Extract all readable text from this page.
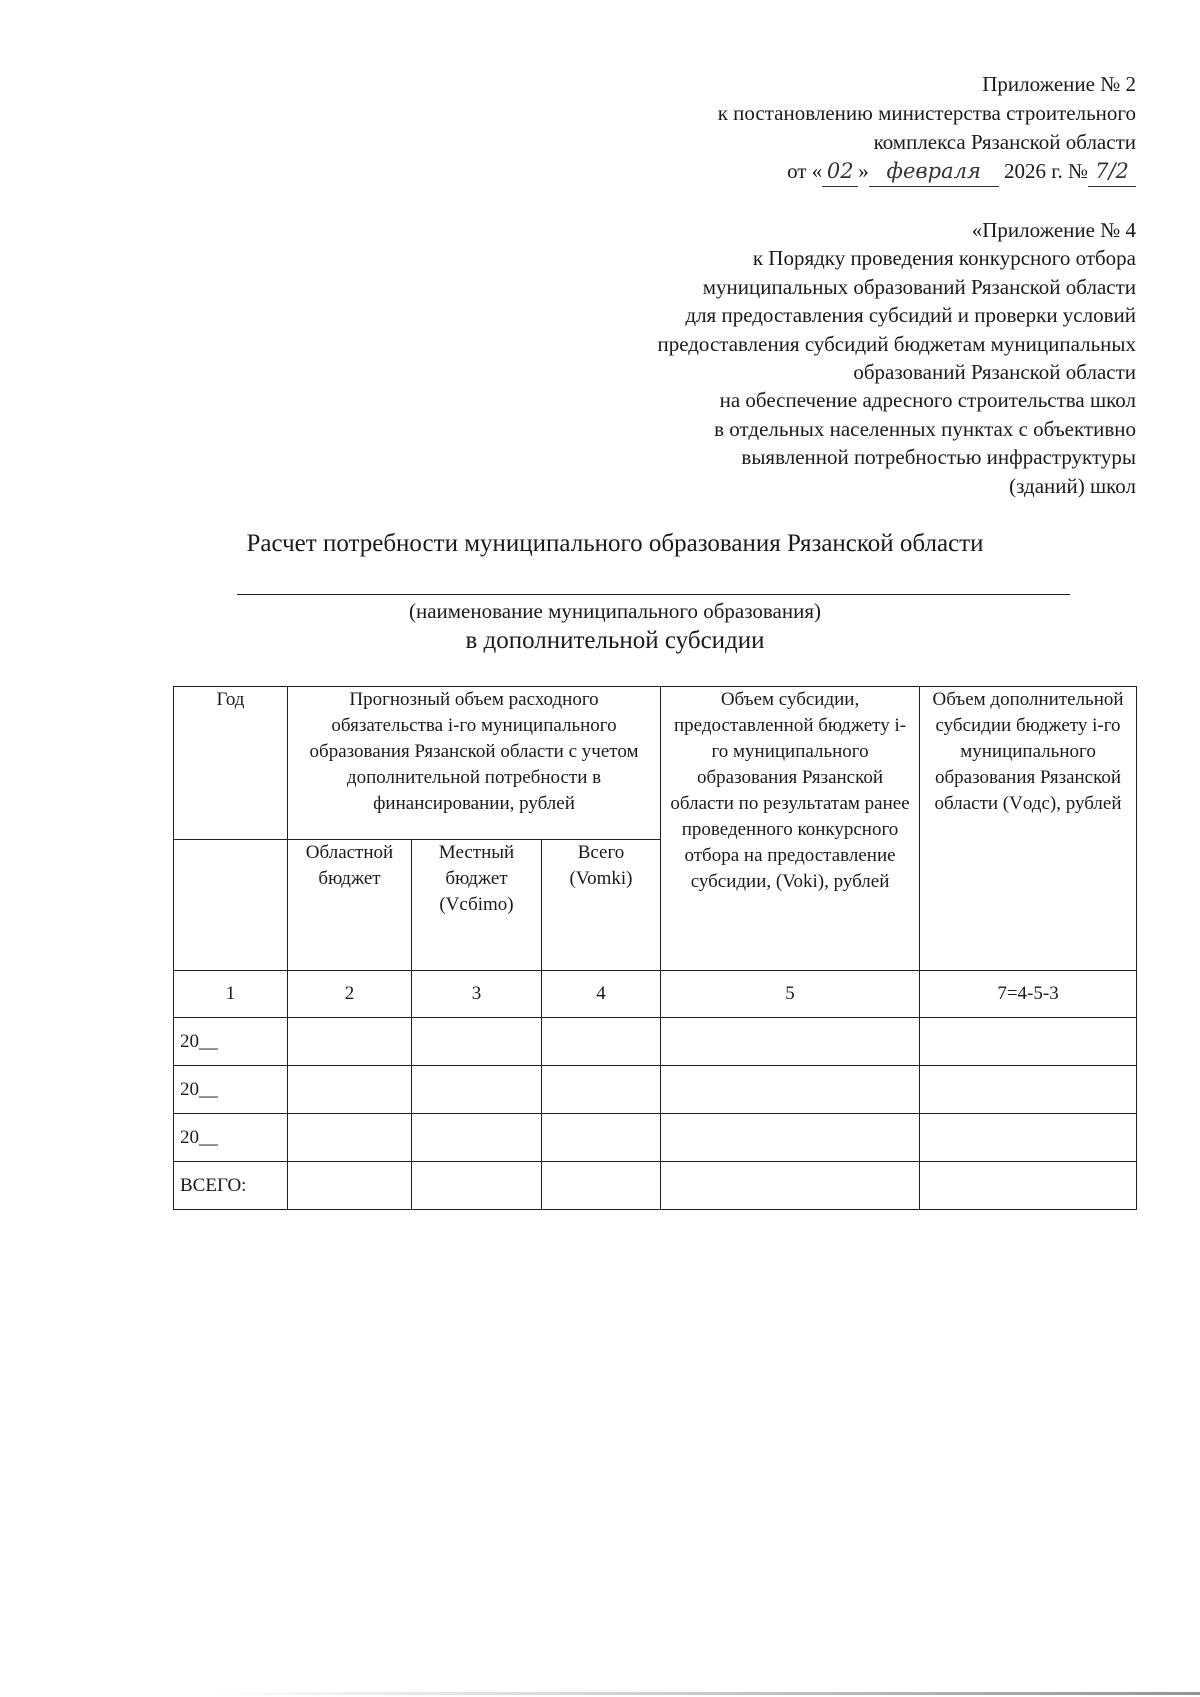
Приложение № 2
к постановлению министерства строительного
комплекса Рязанской области
от « 02 » февраля 2026 г. № 7/2
«Приложение № 4
к Порядку проведения конкурсного отбора
муниципальных образований Рязанской области
для предоставления субсидий и проверки условий
предоставления субсидий бюджетам муниципальных
образований Рязанской области
на обеспечение адресного строительства школ
в отдельных населенных пунктах с объективно
выявленной потребностью инфраструктуры
(зданий) школ
Расчет потребности муниципального образования Рязанской области
(наименование муниципального образования)
в дополнительной субсидии
Год	Прогнозный объем расходного обязательства i-го муниципального образования Рязанской области с учетом дополнительной потребности в финансировании, рублей			Объем субсидии, предоставленной бюджету i-го муниципального образования Рязанской области по результатам ранее проведенного конкурсного отбора на предоставление субсидии, (Voki), рублей	Объем дополнительной субсидии бюджету i-го муниципального образования Рязанской области (Vодс), рублей
	Областной бюджет	Местный бюджет (Vсбimo)	Всего (Vomki)		
1	2	3	4	5	7=4-5-3
20__					
20__					
20__					
ВСЕГО:					
